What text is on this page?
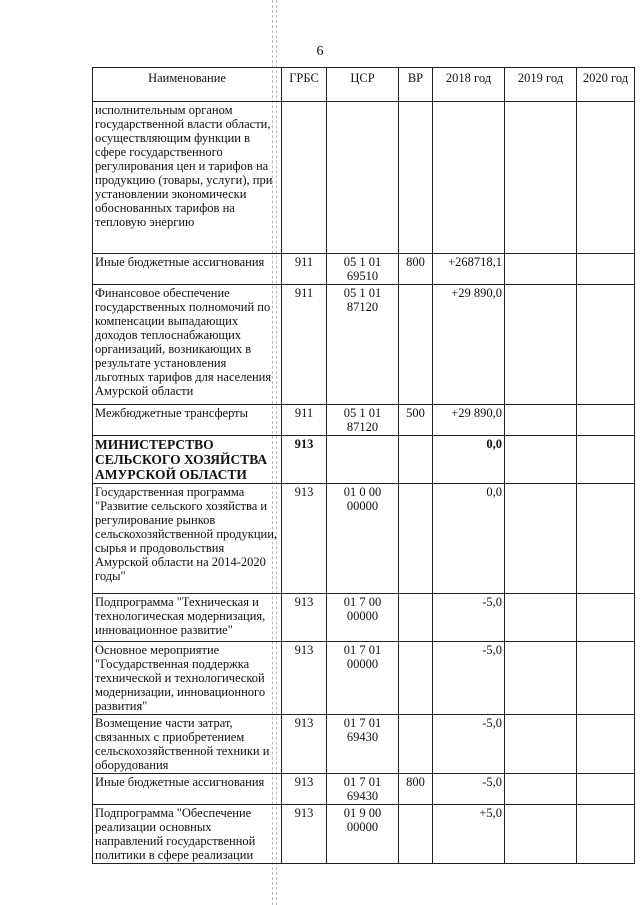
6
Наименование	ГРБС	ЦСР	ВР	2018 год	2019 год	2020 год
исполнительным органом государственной власти области, осуществляющим функции в сфере государственного регулирования цен и тарифов на продукцию (товары, услуги), при установлении экономически обоснованных тарифов на тепловую энергию						
Иные бюджетные ассигнования	911	05 1 01 69510	800	+268718,1		
Финансовое обеспечение государственных полномочий по компенсации выпадающих доходов теплоснабжающих организаций, возникающих в результате установления льготных тарифов для населения Амурской области	911	05 1 01 87120		+29 890,0		
Межбюджетные трансферты	911	05 1 01 87120	500	+29 890,0		
МИНИСТЕРСТВО СЕЛЬСКОГО ХОЗЯЙСТВА АМУРСКОЙ ОБЛАСТИ	913			0,0		
Государственная программа "Развитие сельского хозяйства и регулирование рынков сельскохозяйственной продукции, сырья и продовольствия Амурской области на 2014-2020 годы"	913	01 0 00 00000		0,0		
Подпрограмма "Техническая и технологическая модернизация, инновационное развитие"	913	01 7 00 00000		-5,0		
Основное мероприятие "Государственная поддержка технической и технологической модернизации, инновационного развития"	913	01 7 01 00000		-5,0		
Возмещение части затрат, связанных с приобретением сельскохозяйственной техники и оборудования	913	01 7 01 69430		-5,0		
Иные бюджетные ассигнования	913	01 7 01 69430	800	-5,0		
Подпрограмма "Обеспечение реализации основных направлений государственной политики в сфере реализации	913	01 9 00 00000		+5,0		
